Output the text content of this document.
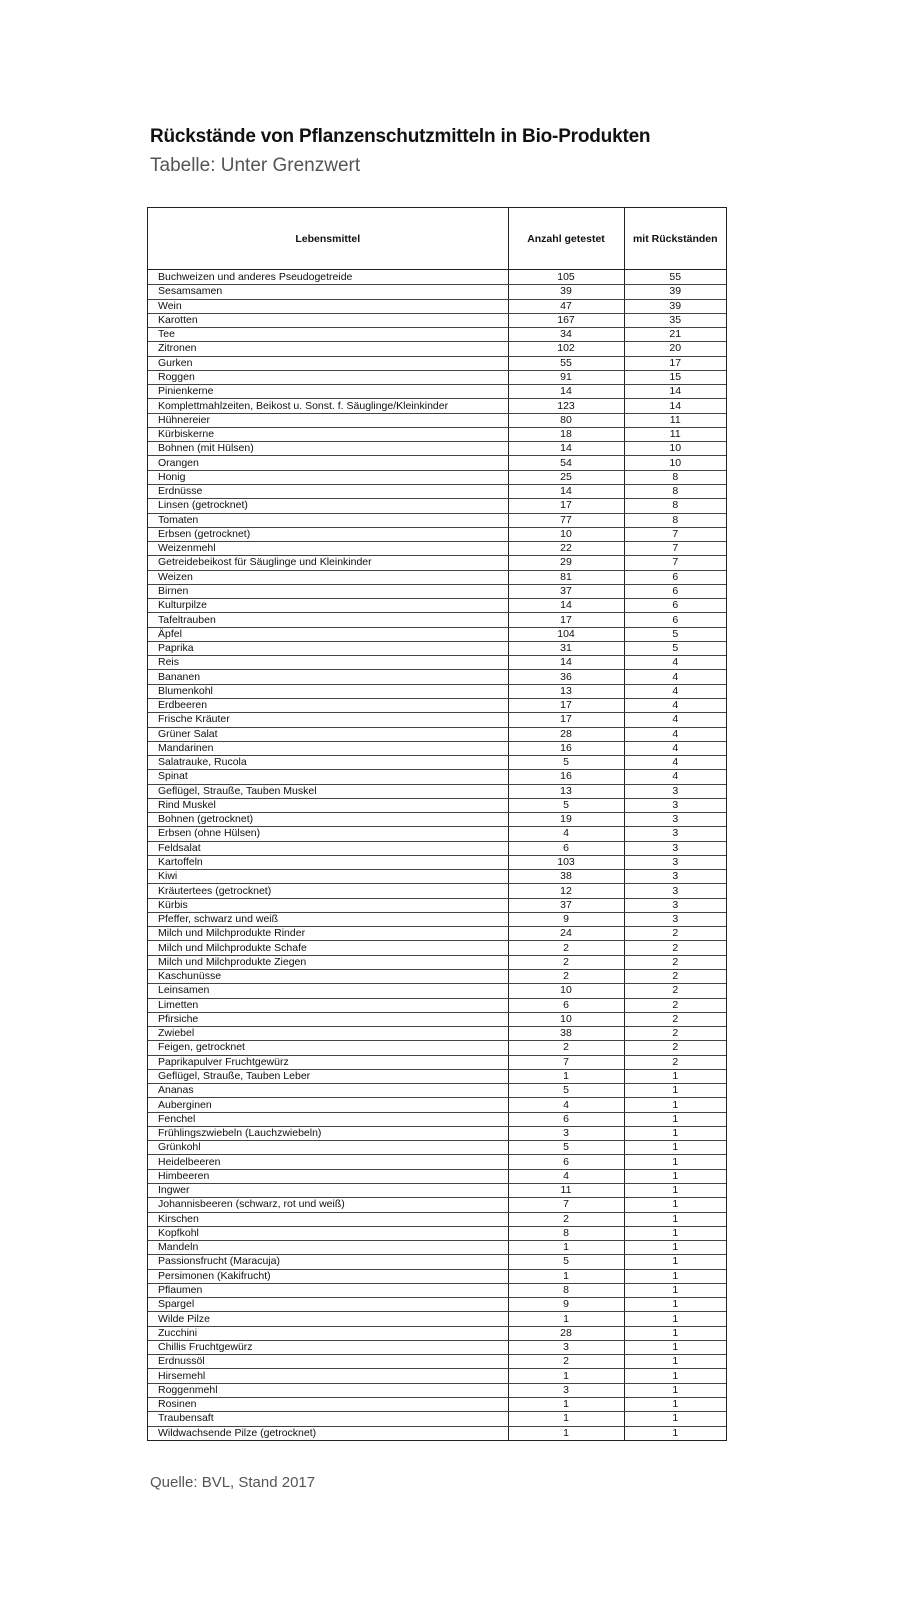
Rückstände von Pflanzenschutzmitteln in Bio-Produkten
Tabelle: Unter Grenzwert
Lebensmittel	Anzahl getestet	mit Rückständen
Buchweizen und anderes Pseudogetreide	105	55
Sesamsamen	39	39
Wein	47	39
Karotten	167	35
Tee	34	21
Zitronen	102	20
Gurken	55	17
Roggen	91	15
Pinienkerne	14	14
Komplettmahlzeiten, Beikost u. Sonst. f. Säuglinge/Kleinkinder	123	14
Hühnereier	80	11
Kürbiskerne	18	11
Bohnen (mit Hülsen)	14	10
Orangen	54	10
Honig	25	8
Erdnüsse	14	8
Linsen (getrocknet)	17	8
Tomaten	77	8
Erbsen (getrocknet)	10	7
Weizenmehl	22	7
Getreidebeikost für Säuglinge und Kleinkinder	29	7
Weizen	81	6
Birnen	37	6
Kulturpilze	14	6
Tafeltrauben	17	6
Äpfel	104	5
Paprika	31	5
Reis	14	4
Bananen	36	4
Blumenkohl	13	4
Erdbeeren	17	4
Frische Kräuter	17	4
Grüner Salat	28	4
Mandarinen	16	4
Salatrauke, Rucola	5	4
Spinat	16	4
Geflügel, Strauße, Tauben Muskel	13	3
Rind Muskel	5	3
Bohnen (getrocknet)	19	3
Erbsen (ohne Hülsen)	4	3
Feldsalat	6	3
Kartoffeln	103	3
Kiwi	38	3
Kräutertees (getrocknet)	12	3
Kürbis	37	3
Pfeffer, schwarz und weiß	9	3
Milch und Milchprodukte Rinder	24	2
Milch und Milchprodukte Schafe	2	2
Milch und Milchprodukte Ziegen	2	2
Kaschunüsse	2	2
Leinsamen	10	2
Limetten	6	2
Pfirsiche	10	2
Zwiebel	38	2
Feigen, getrocknet	2	2
Paprikapulver Fruchtgewürz	7	2
Geflügel, Strauße, Tauben Leber	1	1
Ananas	5	1
Auberginen	4	1
Fenchel	6	1
Frühlingszwiebeln (Lauchzwiebeln)	3	1
Grünkohl	5	1
Heidelbeeren	6	1
Himbeeren	4	1
Ingwer	11	1
Johannisbeeren (schwarz, rot und weiß)	7	1
Kirschen	2	1
Kopfkohl	8	1
Mandeln	1	1
Passionsfrucht (Maracuja)	5	1
Persimonen (Kakifrucht)	1	1
Pflaumen	8	1
Spargel	9	1
Wilde Pilze	1	1
Zucchini	28	1
Chillis Fruchtgewürz	3	1
Erdnussöl	2	1
Hirsemehl	1	1
Roggenmehl	3	1
Rosinen	1	1
Traubensaft	1	1
Wildwachsende Pilze (getrocknet)	1	1
Quelle: BVL, Stand 2017
